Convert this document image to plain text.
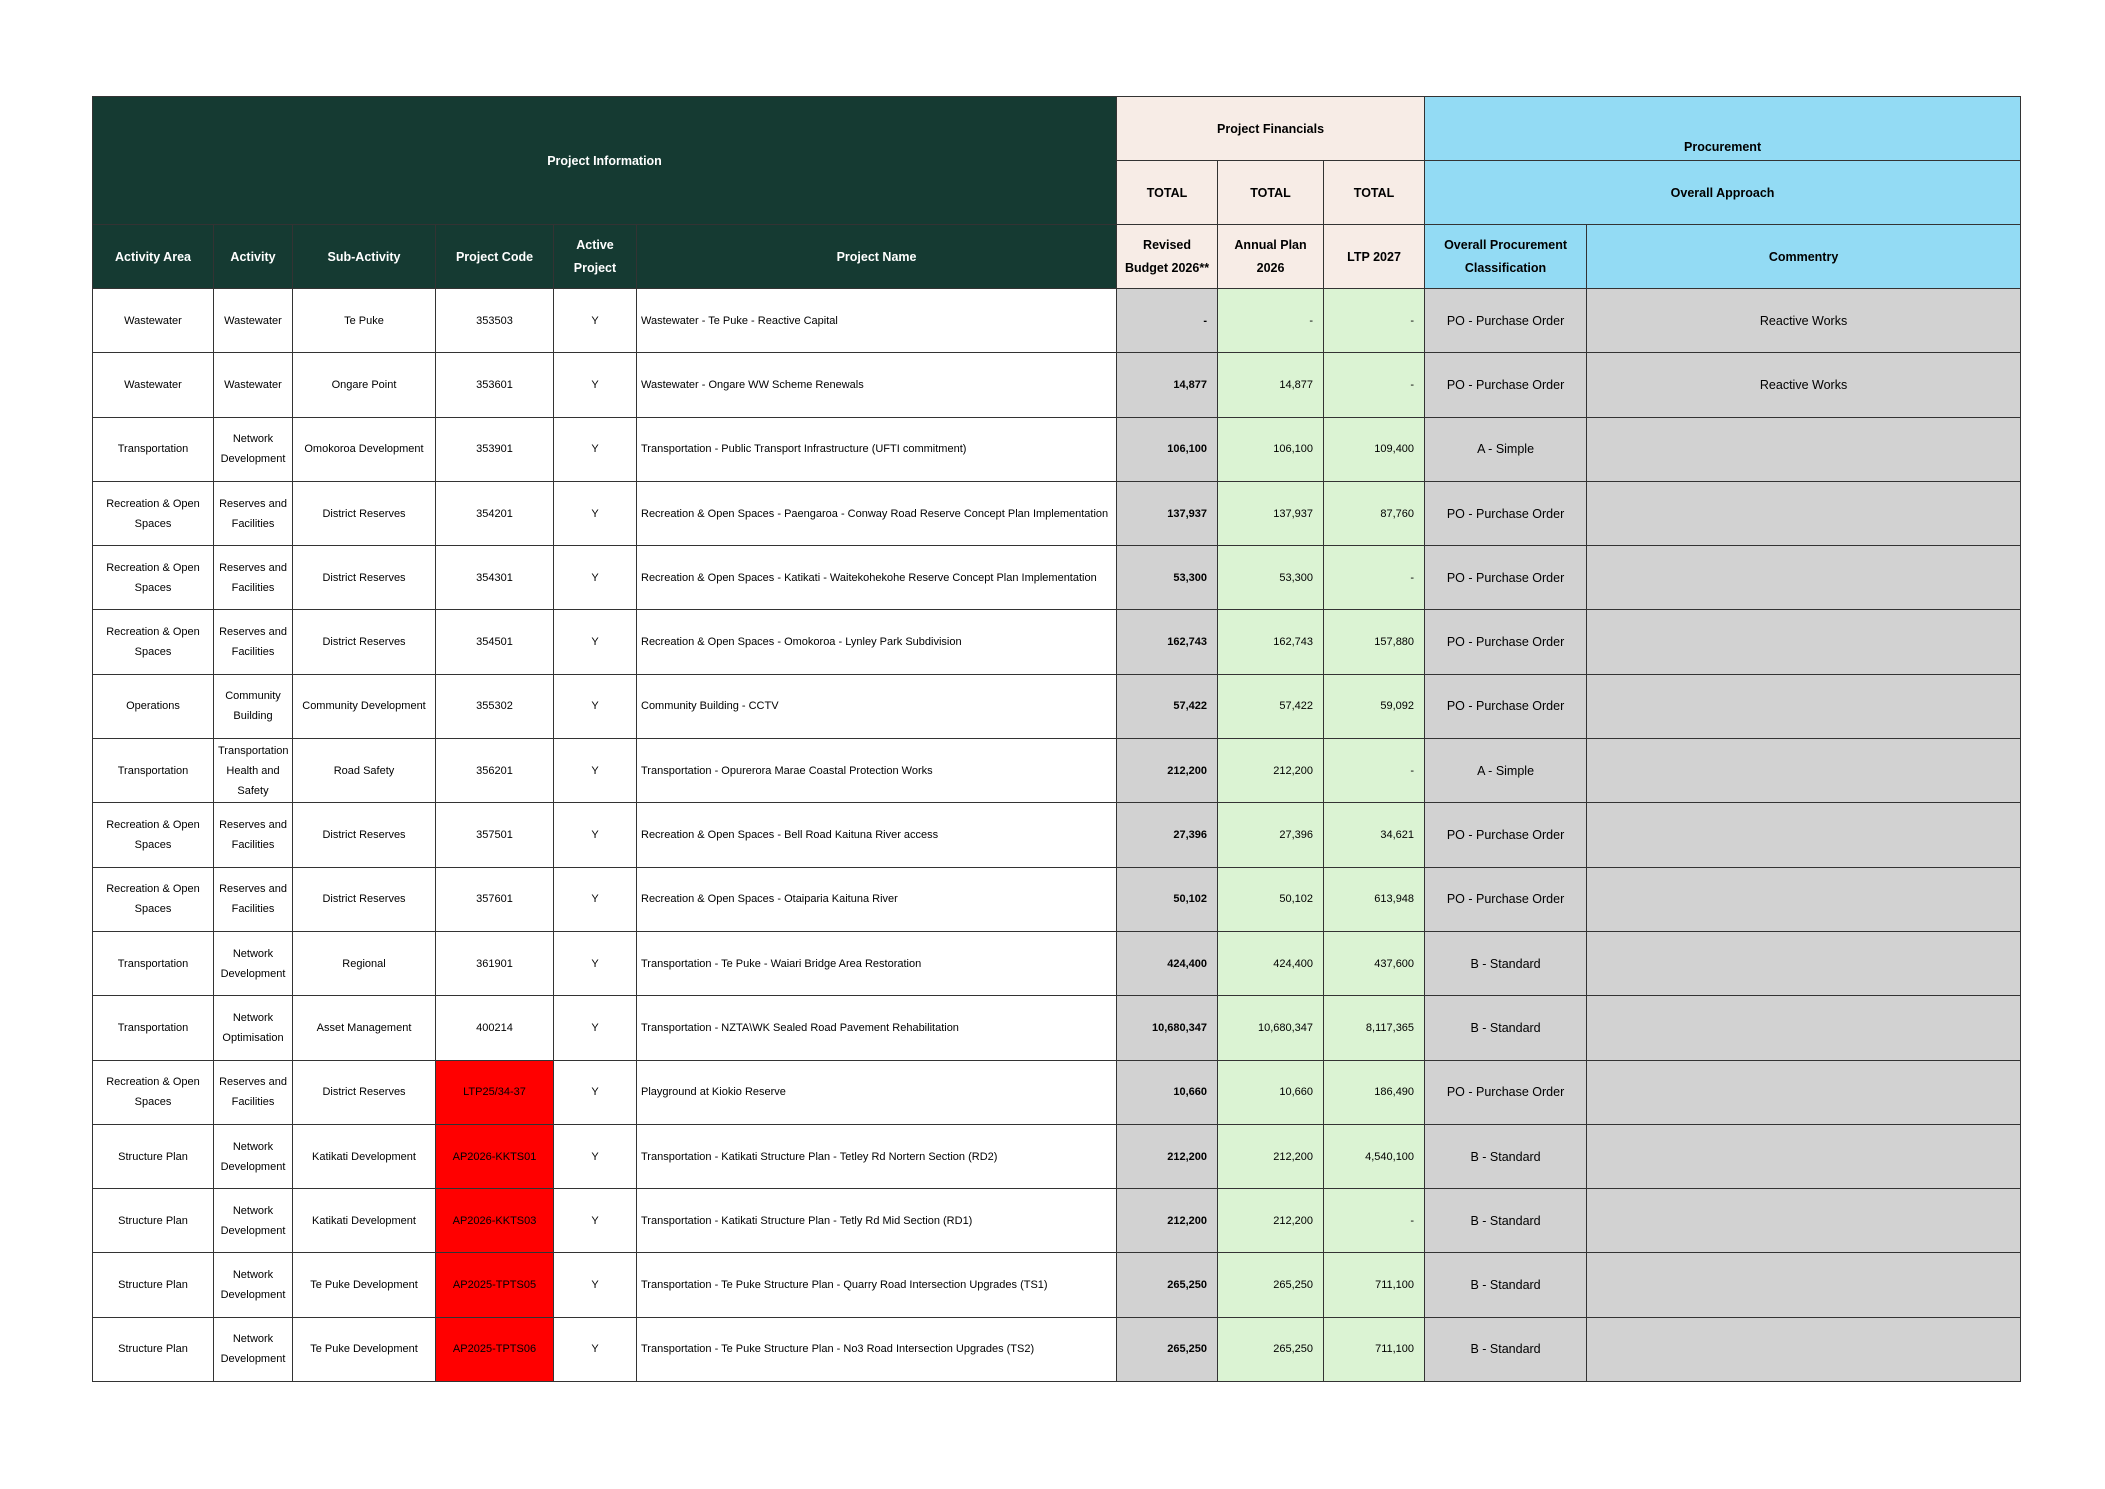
Project Information						Project Financials			Procurement	
						TOTAL	TOTAL	TOTAL	Overall Approach	
Activity Area	Activity	Sub-Activity	Project Code	Active Project	Project Name	Revised Budget 2026**	Annual Plan 2026	LTP 2027	Overall Procurement Classification	Commentry
Wastewater	Wastewater	Te Puke	353503	Y	Wastewater - Te Puke - Reactive Capital	-	-	-	PO - Purchase Order	Reactive Works
Wastewater	Wastewater	Ongare Point	353601	Y	Wastewater - Ongare WW Scheme Renewals	14,877	14,877	-	PO - Purchase Order	Reactive Works
Transportation	Network Development	Omokoroa Development	353901	Y	Transportation - Public Transport Infrastructure (UFTI commitment)	106,100	106,100	109,400	A - Simple	
Recreation & Open Spaces	Reserves and Facilities	District Reserves	354201	Y	Recreation & Open Spaces - Paengaroa - Conway Road Reserve Concept Plan Implementation	137,937	137,937	87,760	PO - Purchase Order	
Recreation & Open Spaces	Reserves and Facilities	District Reserves	354301	Y	Recreation & Open Spaces - Katikati - Waitekohekohe Reserve Concept Plan Implementation	53,300	53,300	-	PO - Purchase Order	
Recreation & Open Spaces	Reserves and Facilities	District Reserves	354501	Y	Recreation & Open Spaces - Omokoroa - Lynley Park Subdivision	162,743	162,743	157,880	PO - Purchase Order	
Operations	Community Building	Community Development	355302	Y	Community Building - CCTV	57,422	57,422	59,092	PO - Purchase Order	
Transportation	Transportation Health and Safety	Road Safety	356201	Y	Transportation - Opurerora Marae Coastal Protection Works	212,200	212,200	-	A - Simple	
Recreation & Open Spaces	Reserves and Facilities	District Reserves	357501	Y	Recreation & Open Spaces - Bell Road Kaituna River access	27,396	27,396	34,621	PO - Purchase Order	
Recreation & Open Spaces	Reserves and Facilities	District Reserves	357601	Y	Recreation & Open Spaces - Otaiparia Kaituna River	50,102	50,102	613,948	PO - Purchase Order	
Transportation	Network Development	Regional	361901	Y	Transportation - Te Puke - Waiari Bridge Area Restoration	424,400	424,400	437,600	B - Standard	
Transportation	Network Optimisation	Asset Management	400214	Y	Transportation - NZTA\WK Sealed Road Pavement Rehabilitation	10,680,347	10,680,347	8,117,365	B - Standard	
Recreation & Open Spaces	Reserves and Facilities	District Reserves	LTP25/34-37	Y	Playground at Kiokio Reserve	10,660	10,660	186,490	PO - Purchase Order	
Structure Plan	Network Development	Katikati Development	AP2026-KKTS01	Y	Transportation - Katikati Structure Plan - Tetley Rd Nortern Section (RD2)	212,200	212,200	4,540,100	B - Standard	
Structure Plan	Network Development	Katikati Development	AP2026-KKTS03	Y	Transportation - Katikati Structure Plan - Tetly Rd Mid Section (RD1)	212,200	212,200	-	B - Standard	
Structure Plan	Network Development	Te Puke Development	AP2025-TPTS05	Y	Transportation - Te Puke Structure Plan - Quarry Road Intersection Upgrades (TS1)	265,250	265,250	711,100	B - Standard	
Structure Plan	Network Development	Te Puke Development	AP2025-TPTS06	Y	Transportation - Te Puke Structure Plan - No3 Road Intersection Upgrades (TS2)	265,250	265,250	711,100	B - Standard	
